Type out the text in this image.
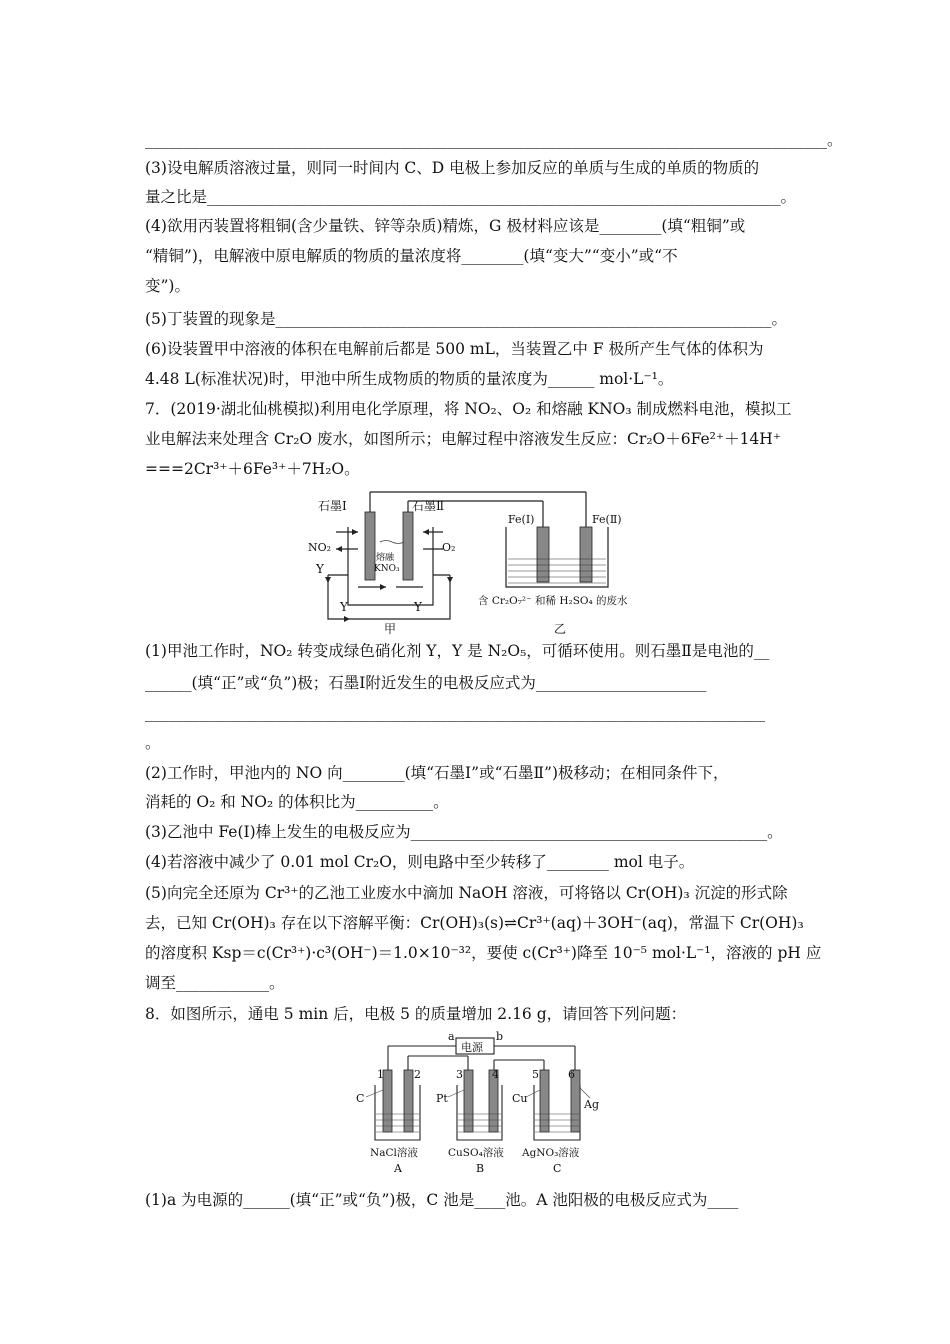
________________________________________________________________________________________。
(3)设电解质溶液过量，则同一时间内 C、D 电极上参加反应的单质与生成的单质的物质的
量之比是__________________________________________________________________________。
(4)欲用丙装置将粗铜(含少量铁、锌等杂质)精炼，G 极材料应该是________(填“粗铜”或
“精铜”)，电解液中原电解质的物质的量浓度将________(填“变大”“变小”或“不
变”)。
(5)丁装置的现象是________________________________________________________________。
(6)设装置甲中溶液的体积在电解前后都是 500 mL，当装置乙中 F 极所产生气体的体积为
4.48 L(标准状况)时，甲池中所生成物质的物质的量浓度为______ mol·L⁻¹。
7．(2019·湖北仙桃模拟)利用电化学原理，将 NO₂、O₂ 和熔融 KNO₃ 制成燃料电池，模拟工
业电解法来处理含 Cr₂O 废水，如图所示；电解过程中溶液发生反应：Cr₂O＋6Fe²⁺＋14H⁺
===2Cr³⁺＋6Fe³⁺＋7H₂O。
石墨Ⅰ	石墨Ⅱ
NO₂	O₂
Y
Y	Y
熔融
KNO₃
Fe(Ⅰ)	Fe(Ⅱ)
含 Cr₂O₇²⁻ 和稀 H₂SO₄ 的废水
甲	乙
(1)甲池工作时，NO₂ 转变成绿色硝化剂 Y，Y 是 N₂O₅，可循环使用。则石墨Ⅱ是电池的__
______(填“正”或“负”)极；石墨Ⅰ附近发生的电极反应式为______________________
________________________________________________________________________________
。
(2)工作时，甲池内的 NO 向________(填“石墨Ⅰ”或“石墨Ⅱ”)极移动；在相同条件下，
消耗的 O₂ 和 NO₂ 的体积比为__________。
(3)乙池中 Fe(Ⅰ)棒上发生的电极反应为______________________________________________。
(4)若溶液中减少了 0.01 mol Cr₂O，则电路中至少转移了________ mol 电子。
(5)向完全还原为 Cr³⁺的乙池工业废水中滴加 NaOH 溶液，可将铬以 Cr(OH)₃ 沉淀的形式除
去，已知 Cr(OH)₃ 存在以下溶解平衡：Cr(OH)₃(s)⇌Cr³⁺(aq)＋3OH⁻(aq)，常温下 Cr(OH)₃
的溶度积 Ksp＝c(Cr³⁺)·c³(OH⁻)＝1.0×10⁻³²，要使 c(Cr³⁺)降至 10⁻⁵ mol·L⁻¹，溶液的 pH 应
调至____________。
8．如图所示，通电 5 min 后，电极 5 的质量增加 2.16 g，请回答下列问题：
a	b
电源
1	2	3	4	5	6
C	Pt	Cu	Ag
NaCl溶液	CuSO₄溶液 AgNO₃溶液
A	B	C
(1)a 为电源的______(填“正”或“负”)极，C 池是____池。A 池阳极的电极反应式为____
